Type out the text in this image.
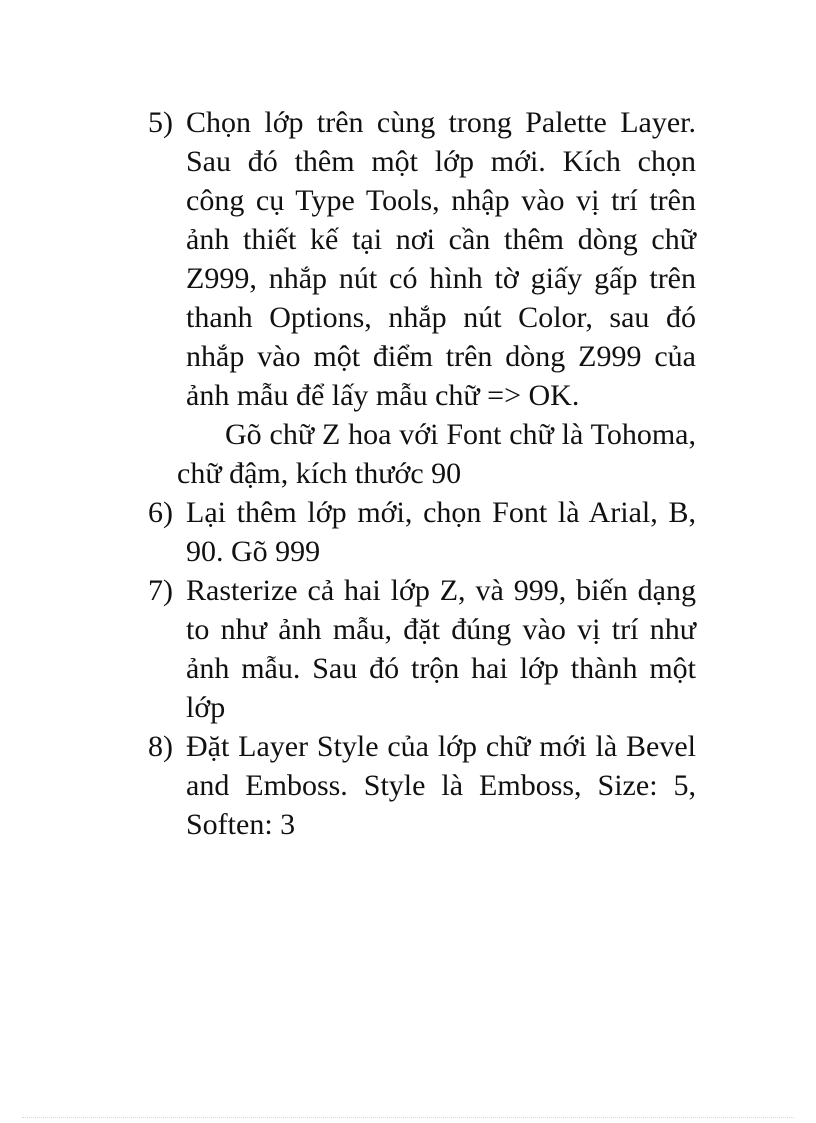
5) Chọn lớp trên cùng trong Palette Layer. Sau đó thêm một lớp mới. Kích chọn công cụ Type Tools, nhập vào vị trí trên ảnh thiết kế tại nơi cần thêm dòng chữ Z999, nhắp nút có hình tờ giấy gấp trên thanh Options, nhắp nút Color, sau đó nhắp vào một điểm trên dòng Z999 của ảnh mẫu để lấy mẫu chữ => OK.
Gõ chữ Z hoa với Font chữ là Tohoma, chữ đậm, kích thước 90
6) Lại thêm lớp mới, chọn Font là Arial, B, 90. Gõ 999
7) Rasterize cả hai lớp Z, và 999, biến dạng to như ảnh mẫu, đặt đúng vào vị trí như ảnh mẫu. Sau đó trộn hai lớp thành một lớp
8) Đặt Layer Style của lớp chữ mới là Bevel and Emboss. Style là Emboss, Size: 5, Soften: 3
